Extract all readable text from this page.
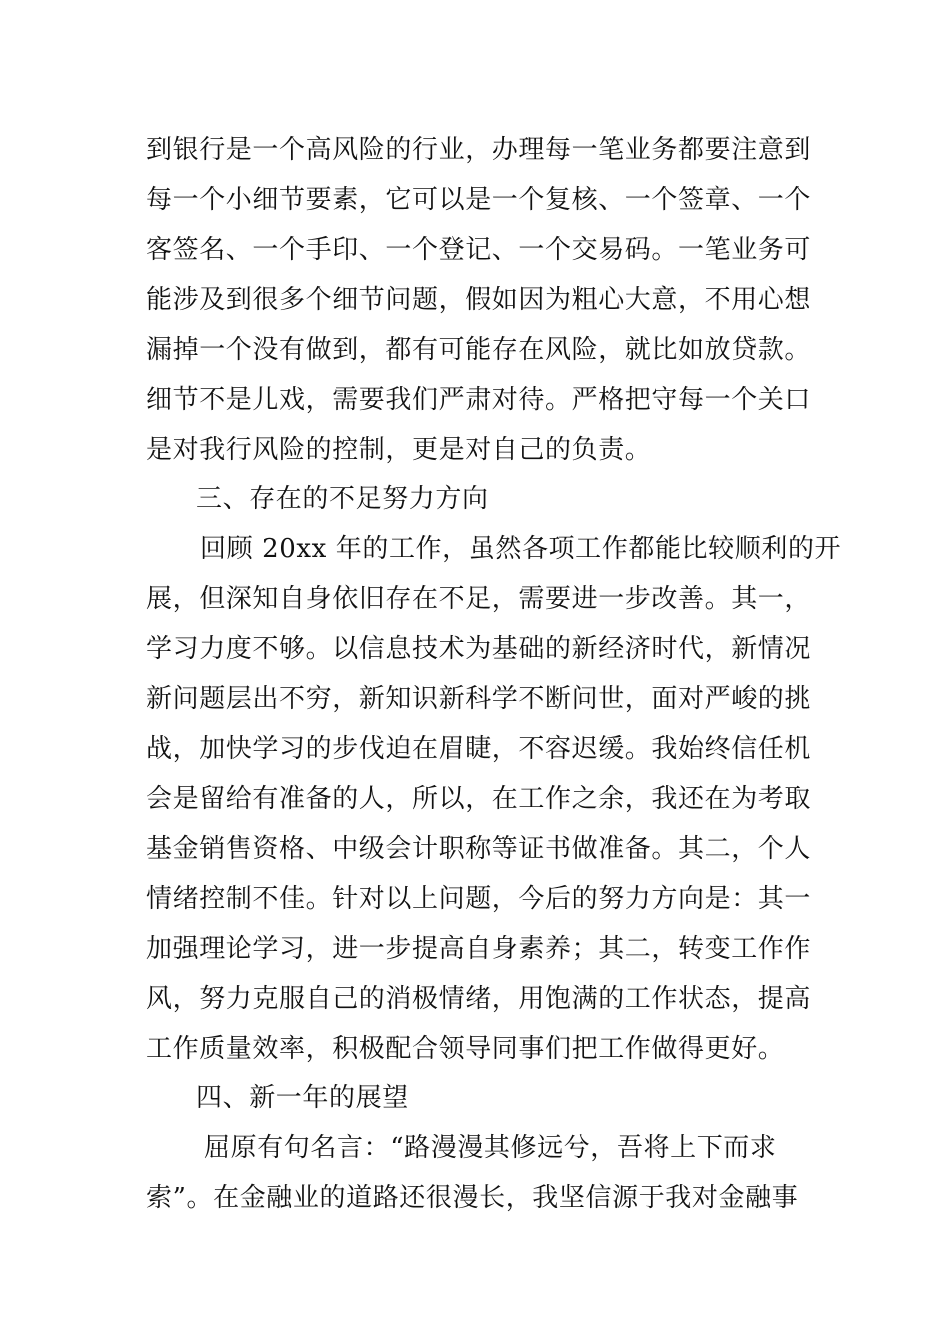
到银行是一个高风险的行业，办理每一笔业务都要注意到
每一个小细节要素，它可以是一个复核、一个签章、一个
客签名、一个手印、一个登记、一个交易码。一笔业务可
能涉及到很多个细节问题，假如因为粗心大意，不用心想
漏掉一个没有做到，都有可能存在风险，就比如放贷款。
细节不是儿戏，需要我们严肃对待。严格把守每一个关口
是对我行风险的控制，更是对自己的负责。
三、存在的不足努力方向
回顾 20xx 年的工作，虽然各项工作都能比较顺利的开
展，但深知自身依旧存在不足，需要进一步改善。其一，
学习力度不够。以信息技术为基础的新经济时代，新情况
新问题层出不穷，新知识新科学不断问世，面对严峻的挑
战，加快学习的步伐迫在眉睫，不容迟缓。我始终信任机
会是留给有准备的人，所以，在工作之余，我还在为考取
基金销售资格、中级会计职称等证书做准备。其二，个人
情绪控制不佳。针对以上问题，今后的努力方向是：其一
加强理论学习，进一步提高自身素养；其二，转变工作作
风，努力克服自己的消极情绪，用饱满的工作状态，提高
工作质量效率，积极配合领导同事们把工作做得更好。
四、新一年的展望
屈原有句名言：“路漫漫其修远兮，吾将上下而求
索”。在金融业的道路还很漫长，我坚信源于我对金融事
